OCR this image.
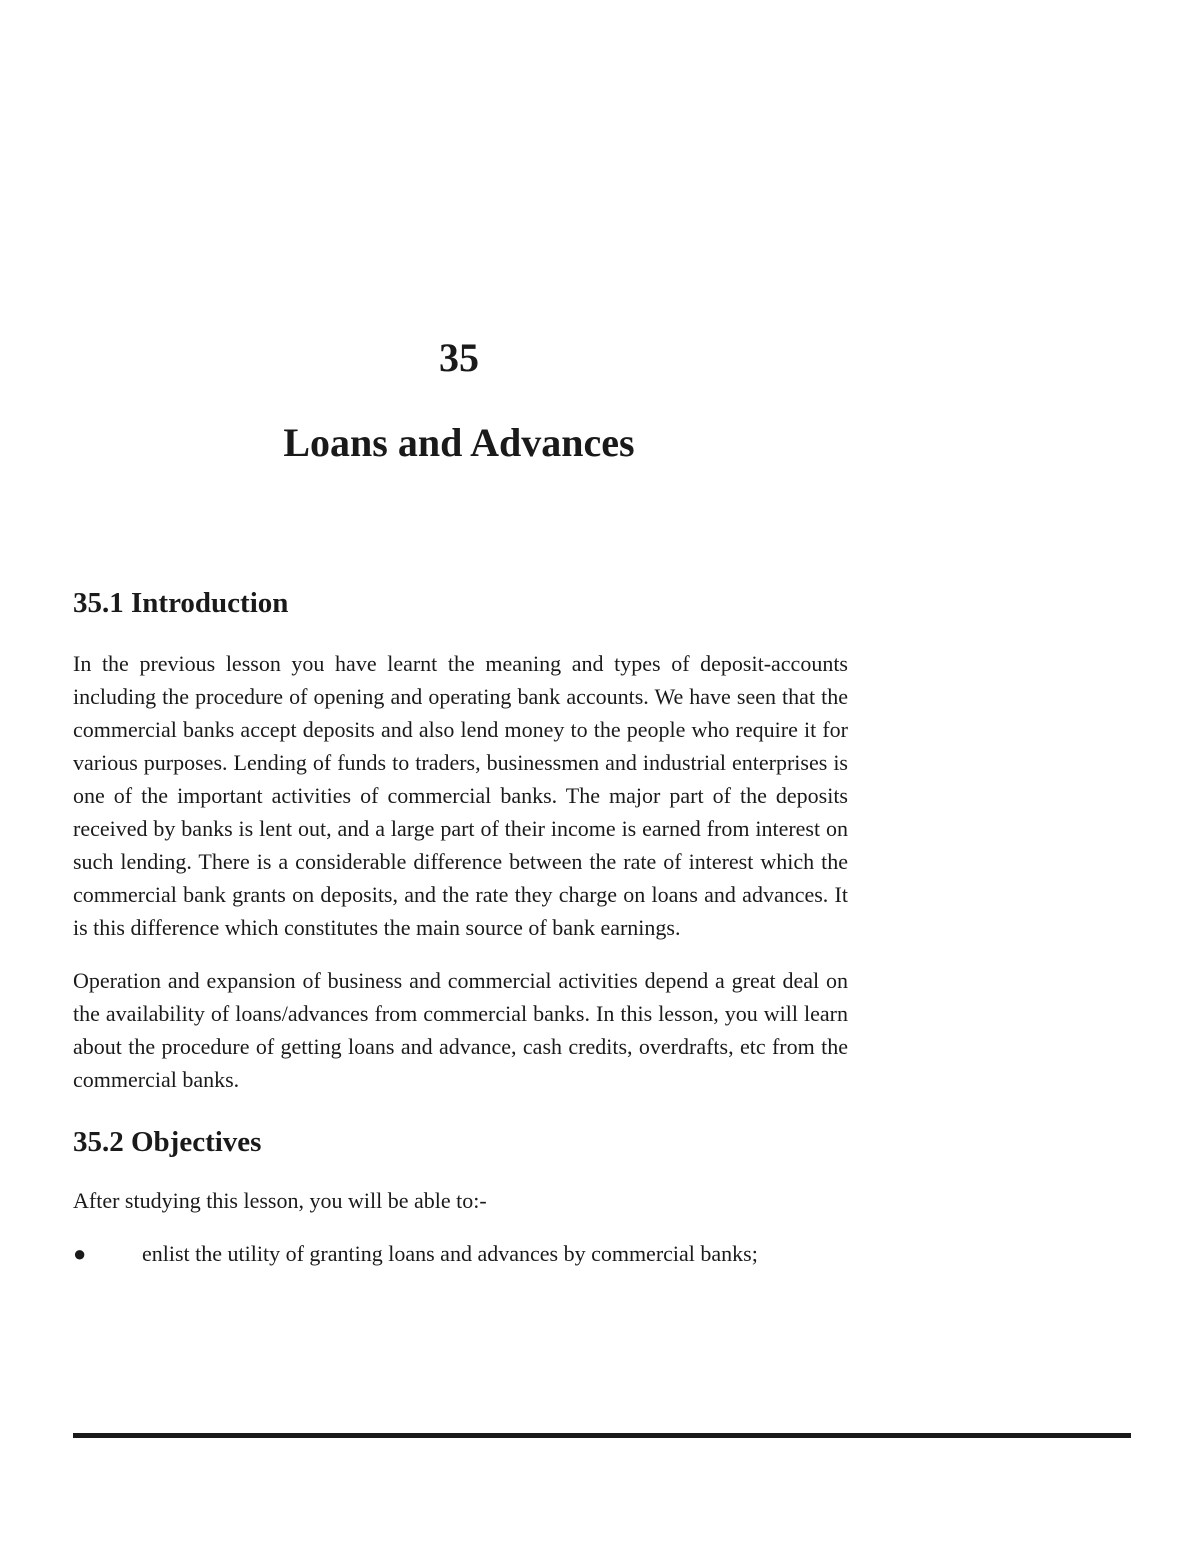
35
Loans and Advances
35.1 Introduction

In the previous lesson you have learnt the meaning and types of deposit-accounts including the procedure of opening and operating bank accounts. We have seen that the commercial banks accept deposits and also lend money to the people who require it for various purposes. Lending of funds to traders, businessmen and industrial enterprises is one of the important activities of commercial banks. The major part of the deposits received by banks is lent out, and a large part of their income is earned from interest on such lending. There is a considerable difference between the rate of interest which the commercial bank grants on deposits, and the rate they charge on loans and advances. It is this difference which constitutes the main source of bank earnings.

Operation and expansion of business and commercial activities depend a great deal on the availability of loans/advances from commercial banks. In this lesson, you will learn about the procedure of getting loans and advance, cash credits, overdrafts, etc from the commercial banks.

35.2 Objectives

After studying this lesson, you will be able to:-

●	enlist the utility of granting loans and advances by commercial banks;
